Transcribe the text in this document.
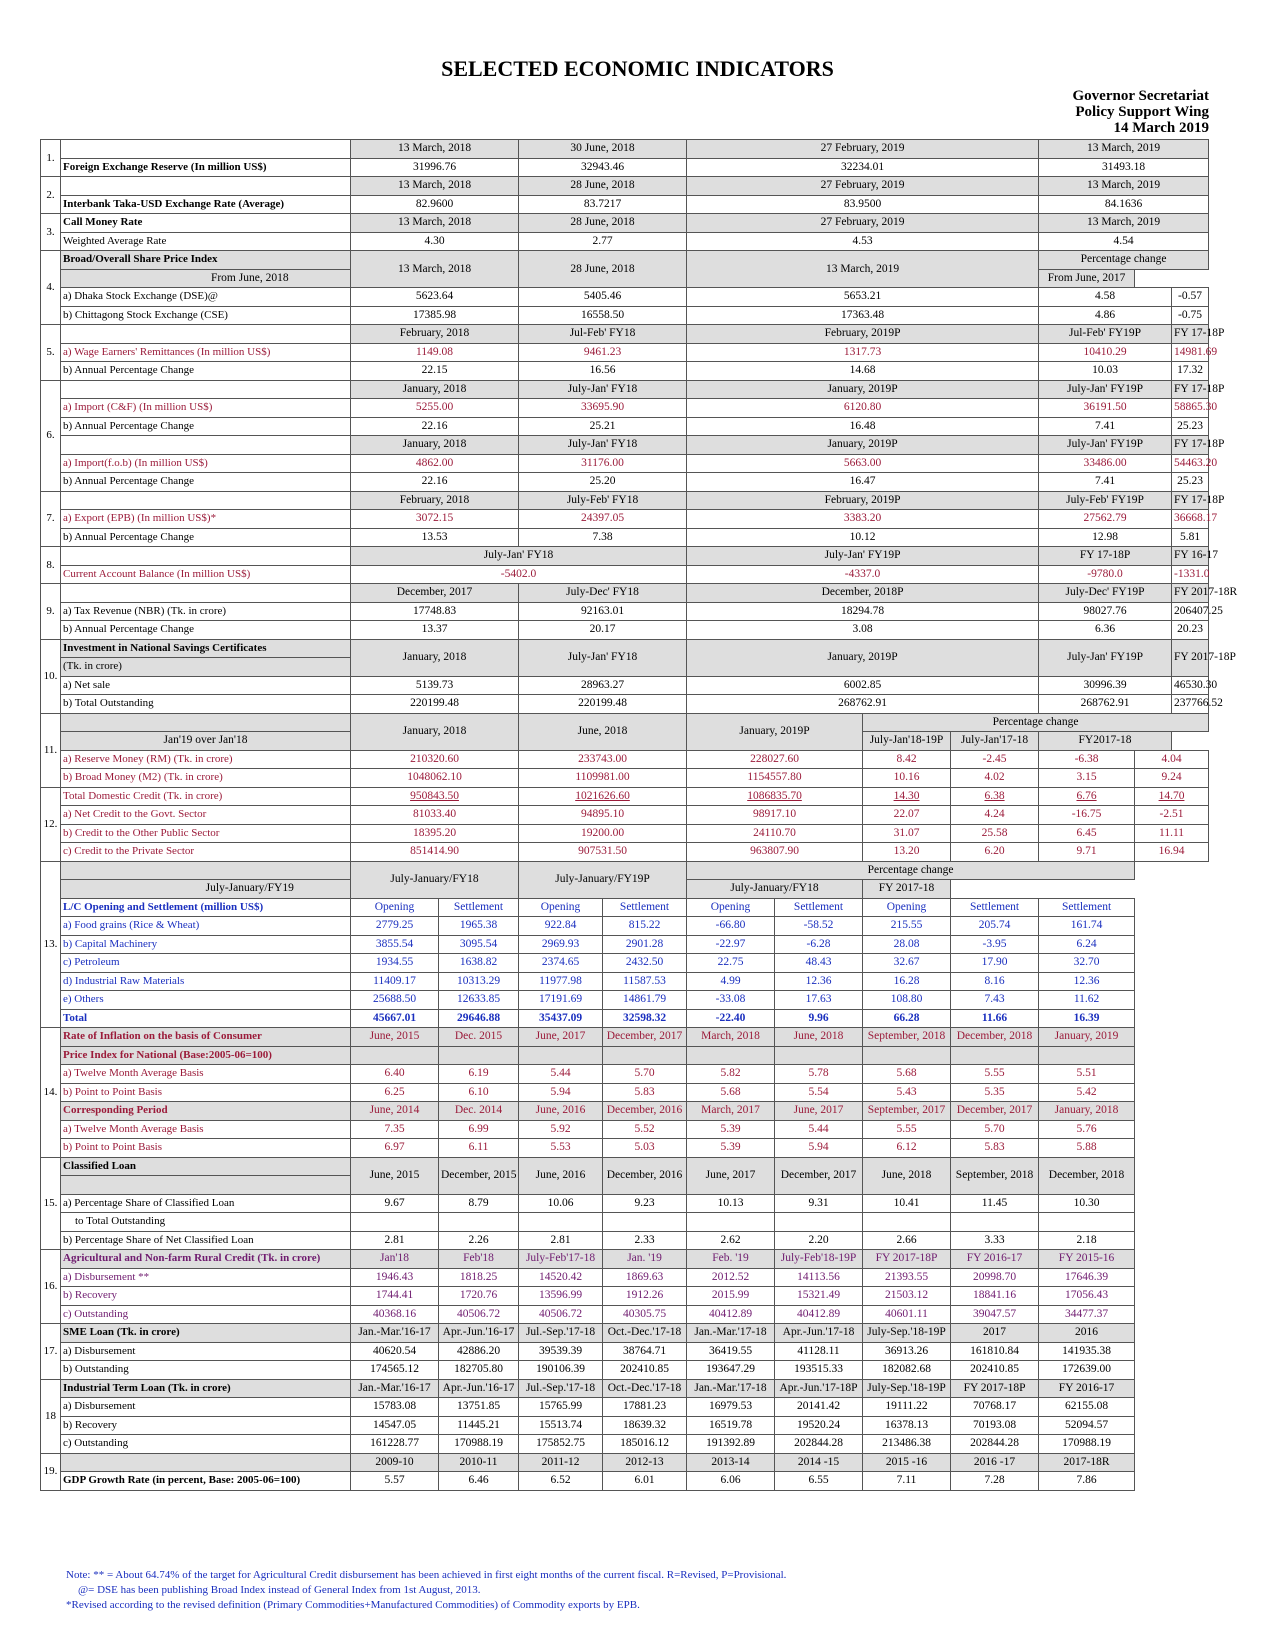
SELECTED ECONOMIC INDICATORS
Governor Secretariat
Policy Support Wing
14 March 2019
1.		13 March, 2018		30 June, 2018		27 February, 2019				13 March, 2019		
	Foreign Exchange Reserve (In million US$)	31996.76		32943.46		32234.01				31493.18		
2.		13 March, 2018		28 June, 2018		27 February, 2019				13 March, 2019		
	Interbank Taka-USD Exchange Rate (Average)	82.9600		83.7217		83.9500				84.1636		
3.	Call Money Rate	13 March, 2018		28 June, 2018		27 February, 2019				13 March, 2019		
	Weighted Average Rate	4.30		2.77		4.53				4.54		
4.	Broad/Overall Share Price Index	13 March, 2018		28 June, 2018		13 March, 2019				Percentage change		
	From June, 2018									From June, 2017		
	a) Dhaka Stock Exchange (DSE)@	5623.64		5405.46		5653.21				4.58		-0.57
	b) Chittagong Stock Exchange (CSE)	17385.98		16558.50		17363.48				4.86		-0.75
5.		February, 2018		Jul-Feb' FY18		February, 2019P				Jul-Feb' FY19P		FY 17-18P
	a) Wage Earners' Remittances (In million US$)	1149.08		9461.23		1317.73				10410.29		14981.69
	b) Annual Percentage Change	22.15		16.56		14.68				10.03		17.32
6.		January, 2018		July-Jan' FY18		January, 2019P				July-Jan' FY19P		FY 17-18P
	a) Import (C&F) (In million US$)	5255.00		33695.90		6120.80				36191.50		58865.30
	b) Annual Percentage Change	22.16		25.21		16.48				7.41		25.23
		January, 2018		July-Jan' FY18		January, 2019P				July-Jan' FY19P		FY 17-18P
	a) Import(f.o.b) (In million US$)	4862.00		31176.00		5663.00				33486.00		54463.20
	b) Annual Percentage Change	22.16		25.20		16.47				7.41		25.23
7.		February, 2018		July-Feb' FY18		February, 2019P				July-Feb' FY19P		FY 17-18P
	a) Export (EPB) (In million US$)*	3072.15		24397.05		3383.20				27562.79		36668.17
	b) Annual Percentage Change	13.53		7.38		10.12				12.98		5.81
8.		July-Jan' FY18				July-Jan' FY19P				FY 17-18P		FY 16-17
	Current Account Balance (In million US$)	-5402.0				-4337.0				-9780.0		-1331.0
9.		December, 2017		July-Dec' FY18		December, 2018P				July-Dec' FY19P		FY 2017-18R
	a) Tax Revenue (NBR) (Tk. in crore)	17748.83		92163.01		18294.78				98027.76		206407.25
	b) Annual Percentage Change	13.37		20.17		3.08				6.36		20.23
10.	Investment in National Savings Certificates	January, 2018		July-Jan' FY18		January, 2019P				July-Jan' FY19P		FY 2017-18P
	(Tk. in crore)											
	a) Net sale	5139.73		28963.27		6002.85				30996.39		46530.30
	b) Total Outstanding	220199.48		220199.48		268762.91				268762.91		237766.52
11.		January, 2018		June, 2018		January, 2019P		Percentage change				
	Jan'19 over Jan'18							July-Jan'18-19P	July-Jan'17-18	FY2017-18		
	a) Reserve Money (RM) (Tk. in crore)	210320.60		233743.00		228027.60		8.42	-2.45	-6.38	4.04	
	b) Broad Money (M2) (Tk. in crore)	1048062.10		1109981.00		1154557.80		10.16	4.02	3.15	9.24	
12.	Total Domestic Credit (Tk. in crore)	950843.50		1021626.60		1086835.70		14.30	6.38	6.76	14.70	
	a) Net Credit to the Govt. Sector	81033.40		94895.10		98917.10		22.07	4.24	-16.75	-2.51	
	b) Credit to the Other Public Sector	18395.20		19200.00		24110.70		31.07	25.58	6.45	11.11	
	c) Credit to the Private Sector	851414.90		907531.50		963807.90		13.20	6.20	9.71	16.94	
13.		July-January/FY18		July-January/FY19P		Percentage change						
	July-January/FY19					July-January/FY18		FY 2017-18				
	L/C Opening and Settlement (million US$)	Opening	Settlement	Opening	Settlement	Opening	Settlement	Opening	Settlement	Settlement		
	a) Food grains (Rice & Wheat)	2779.25	1965.38	922.84	815.22	-66.80	-58.52	215.55	205.74	161.74		
	b) Capital Machinery	3855.54	3095.54	2969.93	2901.28	-22.97	-6.28	28.08	-3.95	6.24		
	c) Petroleum	1934.55	1638.82	2374.65	2432.50	22.75	48.43	32.67	17.90	32.70		
	d) Industrial Raw Materials	11409.17	10313.29	11977.98	11587.53	4.99	12.36	16.28	8.16	12.36		
	e) Others	25688.50	12633.85	17191.69	14861.79	-33.08	17.63	108.80	7.43	11.62		
	Total	45667.01	29646.88	35437.09	32598.32	-22.40	9.96	66.28	11.66	16.39		
14.	Rate of Inflation on the basis of Consumer	June, 2015	Dec. 2015	June, 2017	December, 2017	March, 2018	June, 2018	September, 2018	December, 2018	January, 2019		
	Price Index for National (Base:2005-06=100)											
	a) Twelve Month Average Basis	6.40	6.19	5.44	5.70	5.82	5.78	5.68	5.55	5.51		
	b) Point to Point Basis	6.25	6.10	5.94	5.83	5.68	5.54	5.43	5.35	5.42		
	Corresponding Period	June, 2014	Dec. 2014	June, 2016	December, 2016	March, 2017	June, 2017	September, 2017	December, 2017	January, 2018		
	a) Twelve Month Average Basis	7.35	6.99	5.92	5.52	5.39	5.44	5.55	5.70	5.76		
	b) Point to Point Basis	6.97	6.11	5.53	5.03	5.39	5.94	6.12	5.83	5.88		
15.	Classified Loan	June, 2015	December, 2015	June, 2016	December, 2016	June, 2017	December, 2017	June, 2018	September, 2018	December, 2018		

	a) Percentage Share of Classified Loan	9.67	8.79	10.06	9.23	10.13	9.31	10.41	11.45	10.30		
	to Total Outstanding											
	b) Percentage Share of Net Classified Loan	2.81	2.26	2.81	2.33	2.62	2.20	2.66	3.33	2.18		
16.	Agricultural and Non-farm Rural Credit (Tk. in crore)	Jan'18	Feb'18	July-Feb'17-18	Jan. '19	Feb. '19	July-Feb'18-19P	FY 2017-18P	FY 2016-17	FY 2015-16		
	a) Disbursement **	1946.43	1818.25	14520.42	1869.63	2012.52	14113.56	21393.55	20998.70	17646.39		
	b) Recovery	1744.41	1720.76	13596.99	1912.26	2015.99	15321.49	21503.12	18841.16	17056.43		
	c) Outstanding	40368.16	40506.72	40506.72	40305.75	40412.89	40412.89	40601.11	39047.57	34477.37		
17.	SME Loan (Tk. in crore)	Jan.-Mar.'16-17	Apr.-Jun.'16-17	Jul.-Sep.'17-18	Oct.-Dec.'17-18	Jan.-Mar.'17-18	Apr.-Jun.'17-18	July-Sep.'18-19P	2017	2016		
	a) Disbursement	40620.54	42886.20	39539.39	38764.71	36419.55	41128.11	36913.26	161810.84	141935.38		
	b) Outstanding	174565.12	182705.80	190106.39	202410.85	193647.29	193515.33	182082.68	202410.85	172639.00		
18	Industrial Term Loan (Tk. in crore)	Jan.-Mar.'16-17	Apr.-Jun.'16-17	Jul.-Sep.'17-18	Oct.-Dec.'17-18	Jan.-Mar.'17-18	Apr.-Jun.'17-18P	July-Sep.'18-19P	FY 2017-18P	FY 2016-17		
	a) Disbursement	15783.08	13751.85	15765.99	17881.23	16979.53	20141.42	19111.22	70768.17	62155.08		
	b) Recovery	14547.05	11445.21	15513.74	18639.32	16519.78	19520.24	16378.13	70193.08	52094.57		
	c) Outstanding	161228.77	170988.19	175852.75	185016.12	191392.89	202844.28	213486.38	202844.28	170988.19		
19.		2009-10	2010-11	2011-12	2012-13	2013-14	2014 -15	2015 -16	2016 -17	2017-18R		
	GDP Growth Rate (in percent, Base: 2005-06=100)	5.57	6.46	6.52	6.01	6.06	6.55	7.11	7.28	7.86		
Note: ** = About 64.74% of the target for Agricultural Credit disbursement has been achieved in first eight months of the current fiscal. R=Revised, P=Provisional.
@= DSE has been publishing Broad Index instead of General Index from 1st August, 2013.
*Revised according to the revised definition (Primary Commodities+Manufactured Commodities) of Commodity exports by EPB.
